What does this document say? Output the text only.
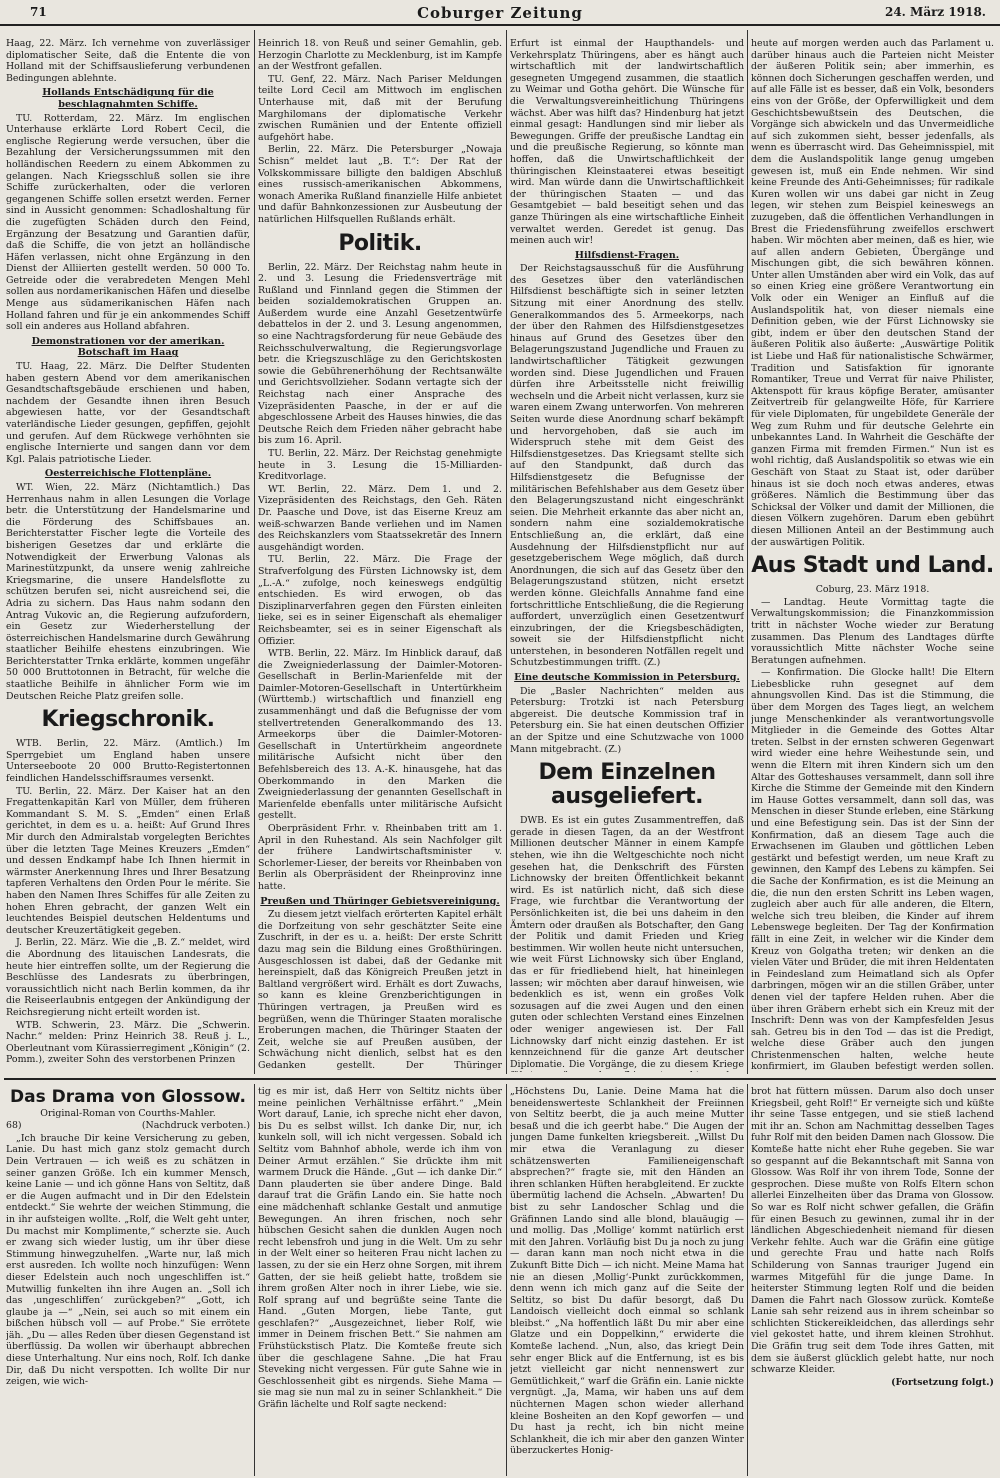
71	Coburger Zeitung	24. März 1918.

Haag, 22. März. Ich vernehme von zuverlässiger diplomatischer Seite, daß die Entente die von Holland mit der Schiffsauslieferung verbundenen Bedingungen ablehnte.

Hollands Entschädigung für die beschlagnahmten Schiffe.

TU. Rotterdam, 22. März. Im englischen Unterhause erklärte Lord Robert Cecil, die englische Regierung werde versuchen, über die Bezahlung der Versicherungssummen mit den holländischen Reedern zu einem Abkommen zu gelangen. Nach Kriegsschluß sollen sie ihre Schiffe zurückerhalten, oder die verloren gegangenen Schiffe sollen ersetzt werden. Ferner sind in Aussicht genommen: Schadloshaltung für die zugefügten Schäden durch den Feind, Ergänzung der Besatzung und Garantien dafür, daß die Schiffe, die von jetzt an holländische Häfen verlassen, nicht ohne Ergänzung in den Dienst der Alliierten gestellt werden. 50 000 To. Getreide oder die verabredeten Mengen Mehl sollen aus nordamerikanischen Häfen und dieselbe Menge aus südamerikanischen Häfen nach Holland fahren und für je ein ankommendes Schiff soll ein anderes aus Holland abfahren.

Demonstrationen vor der amerikan. Botschaft im Haag

TU. Haag, 22. März. Die Delfter Studenten haben gestern Abend vor dem amerikanischen Gesandtschaftsgebäude erschienen und haben, nachdem der Gesandte ihnen ihren Besuch abgewiesen hatte, vor der Gesandtschaft vaterländische Lieder gesungen, gepfiffen, gejohlt und gerufen. Auf dem Rückwege verhöhnten sie englische Internierte und sangen dann vor dem Kgl. Palais patriotische Lieder.

Oesterreichische Flottenpläne.

WT. Wien, 22. März (Nichtamtlich.) Das Herrenhaus nahm in allen Lesungen die Vorlage betr. die Unterstützung der Handelsmarine und die Förderung des Schiffsbaues an. Berichterstatter Fischer legte die Vorteile des bisherigen Gesetzes dar und erklärte die Notwendigkeit der Erwerbung Valonas als Marinestützpunkt, da unsere wenig zahlreiche Kriegsmarine, die unsere Handelsflotte zu schützen berufen sei, nicht ausreichend sei, die Adria zu sichern. Das Haus nahm sodann den Antrag Vukovic an, die Regierung aufzufordern, ein Gesetz zur Wiederherstellung der österreichischen Handelsmarine durch Gewährung staatlicher Beihilfe ehestens einzubringen. Wie Berichterstatter Trnka erklärte, kommen ungefähr 50 000 Bruttotonnen in Betracht, für welche die staatliche Beihilfe in ähnlicher Form wie im Deutschen Reiche Platz greifen solle.

Kriegschronik.

WTB. Berlin, 22. März. (Amtlich.) Im Sperrgebiet um England haben unsere Unterseeboote 20 000 Brutto-Registertonnen feindlichen Handelsschiffsraumes versenkt.

TU. Berlin, 22. März. Der Kaiser hat an den Fregattenkapitän Karl von Müller, dem früheren Kommandant S. M. S. „Emden“ einen Erlaß gerichtet, in dem es u. a. heißt: Auf Grund Ihres Mir durch den Admiralstab vorgelegten Berichtes über die letzten Tage Meines Kreuzers „Emden“ und dessen Endkampf habe Ich Ihnen hiermit in wärmster Anerkennung Ihres und Ihrer Besatzung tapferen Verhaltens den Orden Pour le mérite. Sie haben den Namen Ihres Schiffes für alle Zeiten zu hohen Ehren gebracht, der ganzen Welt ein leuchtendes Beispiel deutschen Heldentums und deutscher Kreuzertätigkeit gegeben.

J. Berlin, 22. März. Wie die „B. Z.“ meldet, wird die Abordnung des litauischen Landesrats, die heute hier eintreffen sollte, um der Regierung die Beschlüsse des Landesrats zu überbringen, voraussichtlich nicht nach Berlin kommen, da ihr die Reiseerlaubnis entgegen der Ankündigung der Reichsregierung nicht erteilt worden ist.

WTB. Schwerin, 23. März. Die „Schwerin. Nachr.“ melden: Prinz Heinrich 38. Reuß j. L., Oberleutnant vom Kürassierregiment „Königin“ (2. Pomm.), zweiter Sohn des verstorbenen Prinzen

Heinrich 18. von Reuß und seiner Gemahlin, geb. Herzogin Charlotte zu Mecklenburg, ist im Kampfe an der Westfront gefallen.

TU. Genf, 22. März. Nach Pariser Meldungen teilte Lord Cecil am Mittwoch im englischen Unterhause mit, daß mit der Berufung Marghilomans der diplomatische Verkehr zwischen Rumänien und der Entente offiziell aufgehört habe.

Berlin, 22. März. Die Petersburger „Nowaja Schisn“ meldet laut „B. T.“: Der Rat der Volkskommissare billigte den baldigen Abschluß eines russisch-amerikanischen Abkommens, wonach Amerika Rußland finanzielle Hilfe anbietet und dafür Bahnkonzessionen zur Ausbeutung der natürlichen Hilfsquellen Rußlands erhält.

Politik.

Berlin, 22. März. Der Reichstag nahm heute in 2. und 3. Lesung die Friedensverträge mit Rußland und Finnland gegen die Stimmen der beiden sozialdemokratischen Gruppen an. Außerdem wurde eine Anzahl Gesetzentwürfe debattelos in der 2. und 3. Lesung angenommen, so eine Nachtragsforderung für neue Gebäude des Reichsschulverwaltung, die Regierungsvorlage betr. die Kriegszuschläge zu den Gerichtskosten sowie die Gebührenerhöhung der Rechtsanwälte und Gerichtsvollzieher. Sodann vertagte sich der Reichstag nach einer Ansprache des Vizepräsidenten Paasche, in der er auf die abgeschlossene Arbeit des Hauses hinwies, die das Deutsche Reich dem Frieden näher gebracht habe bis zum 16. April.

TU. Berlin, 22. März. Der Reichstag genehmigte heute in 3. Lesung die 15-Milliarden-Kreditvorlage.

WT. Berlin, 22. März. Dem 1. und 2. Vizepräsidenten des Reichstags, den Geh. Räten Dr. Paasche und Dove, ist das Eiserne Kreuz am weiß-schwarzen Bande verliehen und im Namen des Reichskanzlers vom Staatssekretär des Innern ausgehändigt worden.

TU. Berlin, 22. März. Die Frage der Strafverfolgung des Fürsten Lichnowsky ist, dem „L.-A.“ zufolge, noch keineswegs endgültig entschieden. Es wird erwogen, ob das Disziplinarverfahren gegen den Fürsten einleiten lieke, sei es in seiner Eigenschaft als ehemaliger Reichsbeamter, sei es in seiner Eigenschaft als Offizier.

WTB. Berlin, 22. März. Im Hinblick darauf, daß die Zweigniederlassung der Daimler-Motoren-Gesellschaft in Berlin-Marienfelde mit der Daimler-Motoren-Gesellschaft in Untertürkheim (Württemb.) wirtschaftlich und finanziell eng zusammenhängt und daß die Befugnisse der vom stellvertretenden Generalkommando des 13. Armeekorps über die Daimler-Motoren-Gesellschaft in Untertürkheim angeordnete militärische Aufsicht nicht über den Befehlsbereich des 13. A.-K. hinausgehe, hat das Oberkommando in den Marken die Zweigniederlassung der genannten Gesellschaft in Marienfelde ebenfalls unter militärische Aufsicht gestellt.

Oberpräsident Frhr. v. Rheinbaben tritt am 1. April in den Ruhestand. Als sein Nachfolger gilt der frühere Landwirtschaftsminister v. Schorlemer-Lieser, der bereits vor Rheinbaben von Berlin als Oberpräsident der Rheinprovinz inne hatte.

Preußen und Thüringer Gebietsvereinigung.

Zu diesem jetzt vielfach erörterten Kapitel erhält die Dorfzeitung von sehr geschätzter Seite eine Zuschrift, in der es u. a. heißt: Der erste Schritt dazu mag sein die Bildung eines Großthüringen. Ausgeschlossen ist dabei, daß der Gedanke mit hereinspielt, daß das Königreich Preußen jetzt in Baltland vergrößert wird. Erhält es dort Zuwachs, so kann es kleine Grenzberichtigungen in Thüringen vertragen, ja Preußen wird es begrüßen, wenn die Thüringer Staaten moralische Eroberungen machen, die Thüringer Staaten der Zeit, welche sie auf Preußen ausüben, der Schwächung nicht dienlich, selbst hat es den Gedanken gestellt. Der Thüringer

Erfurt ist einmal der Haupthandels- und Verkehrsplatz Thüringens, aber es hängt auch wirtschaftlich mit der landwirtschaftlich gesegneten Umgegend zusammen, die staatlich zu Weimar und Gotha gehört. Die Wünsche für die Verwaltungsvereinheitlichung Thüringens wächst. Aber was hilft das? Hindenburg hat jetzt einmal gesagt: Handlungen sind mir lieber als Bewegungen. Griffe der preußische Landtag ein und die preußische Regierung, so könnte man hoffen, daß die Unwirtschaftlichkeit der thüringischen Kleinstaaterei etwas beseitigt wird. Man würde dann die Unwirtschaftlichkeit der thüringischen Staaten — und das Gesamtgebiet — bald beseitigt sehen und das ganze Thüringen als eine wirtschaftliche Einheit verwaltet werden. Geredet ist genug. Das meinen auch wir!

Hilfsdienst-Fragen.

Der Reichstagsausschuß für die Ausführung des Gesetzes über den vaterländischen Hilfsdienst beschäftigte sich in seiner letzten Sitzung mit einer Anordnung des stellv. Generalkommandos des 5. Armeekorps, nach der über den Rahmen des Hilfsdienstgesetzes hinaus auf Grund des Gesetzes über den Belagerungszustand Jugendliche und Frauen zu landwirtschaftlicher Tätigkeit gezwungen worden sind. Diese Jugendlichen und Frauen dürfen ihre Arbeitsstelle nicht freiwillig wechseln und die Arbeit nicht verlassen, kurz sie waren einem Zwang unterworfen. Von mehreren Seiten wurde diese Anordnung scharf bekämpft und hervorgehoben, daß sie auch im Widerspruch stehe mit dem Geist des Hilfsdienstgesetzes. Das Kriegsamt stellte sich auf den Standpunkt, daß durch das Hilfsdienstgesetz die Befugnisse der militärischen Befehlshaber aus dem Gesetz über den Belagerungszustand nicht eingeschränkt seien. Die Mehrheit erkannte das aber nicht an, sondern nahm eine sozialdemokratische Entschließung an, die erklärt, daß eine Ausdehnung der Hilfsdienstpflicht nur auf gesetzgeberischem Wege möglich, daß durch Anordnungen, die sich auf das Gesetz über den Belagerungszustand stützen, nicht ersetzt werden könne. Gleichfalls Annahme fand eine fortschrittliche Entschließung, die die Regierung auffordert, unverzüglich einen Gesetzentwurf einzubringen, der die Kriegsbeschädigten, soweit sie der Hilfsdienstpflicht nicht unterstehen, in besonderen Notfällen regelt und Schutzbestimmungen trifft. (Z.)

Eine deutsche Kommission in Petersburg.

Die „Basler Nachrichten“ melden aus Petersburg: Trotzki ist nach Petersburg abgereist. Die deutsche Kommission traf in Petersburg ein. Sie hat einen deutschen Offizier an der Spitze und eine Schutzwache von 1000 Mann mitgebracht. (Z.)

Dem Einzelnen ausgeliefert.

DWB. Es ist ein gutes Zusammentreffen, daß gerade in diesen Tagen, da an der Westfront Millionen deutscher Männer in einem Kampfe stehen, wie ihn die Weltgeschichte noch nicht gesehen hat, die Denkschrift des Fürsten Lichnowsky der breiten Öffentlichkeit bekannt wird. Es ist natürlich nicht, daß sich diese Frage, wie furchtbar die Verantwortung der Persönlichkeiten ist, die bei uns daheim in den Ämtern oder draußen als Botschafter, den Gang der Politik und damit Frieden und Krieg bestimmen. Wir wollen heute nicht untersuchen, wie weit Fürst Lichnowsky sich über England, das er für friedliebend hielt, hat hineinlegen lassen; wir möchten aber darauf hinweisen, wie bedenklich es ist, wenn ein großes Volk sozusagen auf die zwei Augen und den einen guten oder schlechten Verstand eines Einzelnen oder weniger angewiesen ist. Der Fall Lichnowsky darf nicht einzig dastehen. Er ist kennzeichnend für die ganze Art deutscher Diplomatie. Die Vorgänge, die zu diesem Kriege

heute auf morgen werden auch das Parlament u. darüber hinaus auch die Parteien nicht Meister der äußeren Politik sein; aber immerhin, es können doch Sicherungen geschaffen werden, und auf alle Fälle ist es besser, daß ein Volk, besonders eins von der Größe, der Opferwilligkeit und dem Geschichtsbewußtsein des Deutschen, die Vorgänge sich abwickeln und das Unvermeidliche auf sich zukommen sieht, besser jedenfalls, als wenn es überrascht wird. Das Geheimnisspiel, mit dem die Auslandspolitik lange genug umgeben gewesen ist, muß ein Ende nehmen. Wir sind keine Freunde des Anti-Geheimnisses; für radikale Kuren wollen wir uns dabei gar nicht in Zeug legen, wir stehen zum Beispiel keineswegs an zuzugeben, daß die öffentlichen Verhandlungen in Brest die Friedensführung zweifellos erschwert haben. Wir möchten aber meinen, daß es hier, wie auf allen andern Gebieten, Übergänge und Mischungen gibt, die sich bewähren können. Unter allen Umständen aber wird ein Volk, das auf so einen Krieg eine größere Verantwortung ein Volk oder ein Weniger an Einfluß auf die Auslandspolitik hat, von dieser niemals eine Definition geben, wie der Fürst Lichnowsky sie gibt, indem er über den deutschen Stand der äußeren Politik also äußerte: „Auswärtige Politik ist Liebe und Haß für nationalistische Schwärmer, Tradition und Satisfaktion für ignorante Romantiker, Treue und Verrat für naive Philister, Aktenspott für kraus köpfige Berater, amüsanter Zeitvertreib für gelangweilte Höfe, für Karriere für viele Diplomaten, für ungebildete Generäle der Weg zum Ruhm und für deutsche Gelehrte ein unbekanntes Land. In Wahrheit die Geschäfte der ganzen Firma mit fremden Firmen.“ Nun ist es wohl richtig, daß Auslandspolitik so etwas wie ein Geschäft von Staat zu Staat ist, oder darüber hinaus ist sie doch noch etwas anderes, etwas größeres. Nämlich die Bestimmung über das Schicksal der Völker und damit der Millionen, die diesen Völkern zugehören. Darum eben gebührt diesen Millionen Anteil an der Bestimmung auch der auswärtigen Politik.

Aus Stadt und Land.

Coburg, 23. März 1918.

— Landtag. Heute Vormittag tagte die Verwaltungskommission; die Finanzkommission tritt in nächster Woche wieder zur Beratung zusammen. Das Plenum des Landtages dürfte voraussichtlich Mitte nächster Woche seine Beratungen aufnehmen.

— Konfirmation. Die Glocke hallt! Die Eltern Liebesblicke ruhn gesegnet auf dem ahnungsvollen Kind. Das ist die Stimmung, die über dem Morgen des Tages liegt, an welchem junge Menschenkinder als verantwortungsvolle Mitglieder in die Gemeinde des Gottes Altar treten. Selbst in der ernsten schweren Gegenwart wird wieder eine hehre Weihestunde sein, und wenn die Eltern mit ihren Kindern sich um den Altar des Gotteshauses versammelt, dann soll ihre Kirche die Stimme der Gemeinde mit den Kindern im Hause Gottes versammelt, dann soll das, was Menschen in dieser Stunde erleben, eine Stärkung und eine Befestigung sein. Das ist der Sinn der Konfirmation, daß an diesem Tage auch die Erwachsenen im Glauben und göttlichen Leben gestärkt und befestigt werden, um neue Kraft zu gewinnen, den Kampf des Lebens zu kämpfen. Sei die Sache der Konfirmation, es ist die Meinung an die, die nun den ersten Schritt ins Leben wagen, zugleich aber auch für alle anderen, die Eltern, welche sich treu bleiben, die Kinder auf ihrem Lebenswege begleiten. Der Tag der Konfirmation fällt in eine Zeit, in welcher wir die Kinder dem Kreuz von Golgatha treten; wir denken an die vielen Väter und Brüder, die mit ihren Heldentaten in Feindesland zum Heimatland sich als Opfer darbringen, mögen wir an die stillen Gräber, unter denen viel der tapfere Helden ruhen. Aber die über ihren Gräbern erhebt sich ein Kreuz mit der Inschrift: Denn was von der Kampfesfelden Jesus sah. Getreu bis in den Tod — das ist die Predigt, welche diese Gräber auch den jungen Christenmenschen halten, welche heute konfirmiert, im Glauben befestigt werden sollen.

Das Drama von Glossow.

Original-Roman von Courths-Mahler.

68)	(Nachdruck verboten.)

„Ich brauche Dir keine Versicherung zu geben, Lanie. Du hast mich ganz stolz gemacht durch Dein Vertrauen — ich weiß es zu schätzen in seiner ganzen Größe. Ich ein kummer Mensch, keine Lanie — und ich gönne Hans von Seltitz, daß er die Augen aufmacht und in Dir den Edelstein entdeckt.“ Sie wehrte der weichen Stimmung, die in ihr aufsteigen wollte. „Rolf, die Welt geht unter, Du machst mir Komplimente,“ scherzte sie. Auch er zwang sich wieder lustig, um ihr über diese Stimmung hinwegzuhelfen. „Warte nur, laß mich erst ausreden. Ich wollte noch hinzufügen: Wenn dieser Edelstein auch noch ungeschliffen ist.“ Mutwillig funkelten ihn ihre Augen an. „Soll ich das ‚ungeschliffen‘ zurückgeben?“ „Gott, ich glaube ja —“ „Nein, sei auch so mit einem ein bißchen hübsch voll — auf Probe.“ Sie errötete jäh. „Du — alles Reden über diesen Gegenstand ist überflüssig. Da wollen wir überhaupt abbrechen diese Unterhaltung. Nur eins noch, Rolf. Ich danke Dir, daß Du nicht verspotten. Ich wollte Dir nur zeigen, wie wich-

tig es mir ist, daß Herr von Seltitz nichts über meine peinlichen Verhältnisse erfährt.“ „Mein Wort darauf, Lanie, ich spreche nicht eher davon, bis Du es selbst willst. Ich danke Dir, nur, ich kunkeln soll, will ich nicht vergessen. Sobald ich Seltitz vom Bahnhof abhole, werde ich ihm von Deiner Armut erzählen.“ Sie drückte ihm mit warmem Druck die Hände. „Gut — ich danke Dir.“ Dann plauderten sie über andere Dinge. Bald darauf trat die Gräfin Lando ein. Sie hatte noch eine mädchenhaft schlanke Gestalt und anmutige Bewegungen. An ihren frischen, noch sehr hübschen Gesicht sahen die dunklen Augen noch recht lebensfroh und jung in die Welt. Um zu sehr in der Welt einer so heiteren Frau nicht lachen zu lassen, zu der sie ein Herz ohne Sorgen, mit ihrem Gatten, der sie heiß geliebt hatte, troßdem sie ihrem großen Alter noch in ihrer Liebe, wie sie. Rolf sprang auf und begrüßte seine Tante die Hand. „Guten Morgen, liebe Tante, gut geschlafen?“ „Ausgezeichnet, lieber Rolf, wie immer in Deinem frischen Bett.“ Sie nahmen am Frühstückstisch Platz. Die Komteße freute sich über die geschlagene Sahne. „Die hat Frau Steveking nicht vergessen. Für gute Sahne wie in Geschlossenheit gibt es nirgends. Siehe Mama — sie mag sie nun mal zu in seiner Schlankheit.“ Die Gräfin lächelte und Rolf sagte neckend:

„Höchstens Du, Lanie. Deine Mama hat die beneidenswerteste Schlankheit der Freiinnen von Seltitz beerbt, die ja auch meine Mutter besaß und die ich geerbt habe.“ Die Augen der jungen Dame funkelten kriegsbereit. „Willst Du mir etwa die Veranlagung zu dieser schätzenswerten Familieneigenschaft absprechen?“ fragte sie, mit den Händen an ihren schlanken Hüften herabgleitend. Er zuckte übermütig lachend die Achseln. „Abwarten! Du bist zu sehr Landoscher Schlag und die Gräfinnen Lando sind alle blond, blauäugig — und mollig. Das ‚Mollige‘ kommt natürlich erst mit den Jahren. Vorläufig bist Du ja noch zu jung — daran kann man noch nicht etwa in die Zukunft Bitte Dich — ich nicht. Meine Mama hat nie an diesen ‚Mollig‘-Punkt zurückkommen, denn wenn ich mich ganz auf die Seite der Seltitz, so bist Du dafür besorgt, daß Du Landoisch vielleicht doch einmal so schlank bleibst.“ „Na hoffentlich läßt Du mir aber eine Glatze und ein Doppelkinn,“ erwiderte die Komteße lachend. „Nun, also, das kriegt Dein sehr enger Blick auf die Entfernung, ist es bis jetzt vielleicht gar nicht nennenswert zur Gemütlichkeit,“ warf die Gräfin ein. Lanie nickte vergnügt. „Ja, Mama, wir haben uns auf dem nüchternen Magen schon wieder allerhand kleine Bosheiten an den Kopf geworfen — und Du hast ja recht, ich bin nicht meine Schlankheit, die ich mir aber den ganzen Winter überzuckertes Honig-

brot hat füttern müssen. Darum also doch unser Kriegsbeil, geht Rolf!“ Er verneigte sich und küßte ihr seine Tasse entgegen, und sie stieß lachend mit ihr an. Schon am Nachmittag desselben Tages fuhr Rolf mit den beiden Damen nach Glossow. Die Komteße hatte nicht eher Ruhe gegeben. Sie war so gespannt auf die Bekanntschaft mit Sanna von Glossow. Was Rolf ihr von ihrem Tode, Sonne der gesprochen. Diese mußte von Rolfs Eltern schon allerlei Einzelheiten über das Drama von Glossow. So war es Rolf nicht schwer gefallen, die Gräfin für einen Besuch zu gewinnen, zumal ihr in der ländlichen Abgeschiedenheit niemand für diesen Verkehr fehlte. Auch war die Gräfin eine gütige und gerechte Frau und hatte nach Rolfs Schilderung von Sannas trauriger Jugend ein warmes Mitgefühl für die junge Dame. In heiterster Stimmung legten Rolf und die beiden Damen die Fahrt nach Glossow zurück. Komteße Lanie sah sehr reizend aus in ihrem scheinbar so schlichten Stickereikleidchen, das allerdings sehr viel gekostet hatte, und ihrem kleinen Strohhut. Die Gräfin trug seit dem Tode ihres Gatten, mit dem sie äußerst glücklich gelebt hatte, nur noch schwarze Kleider.

(Fortsetzung folgt.)
